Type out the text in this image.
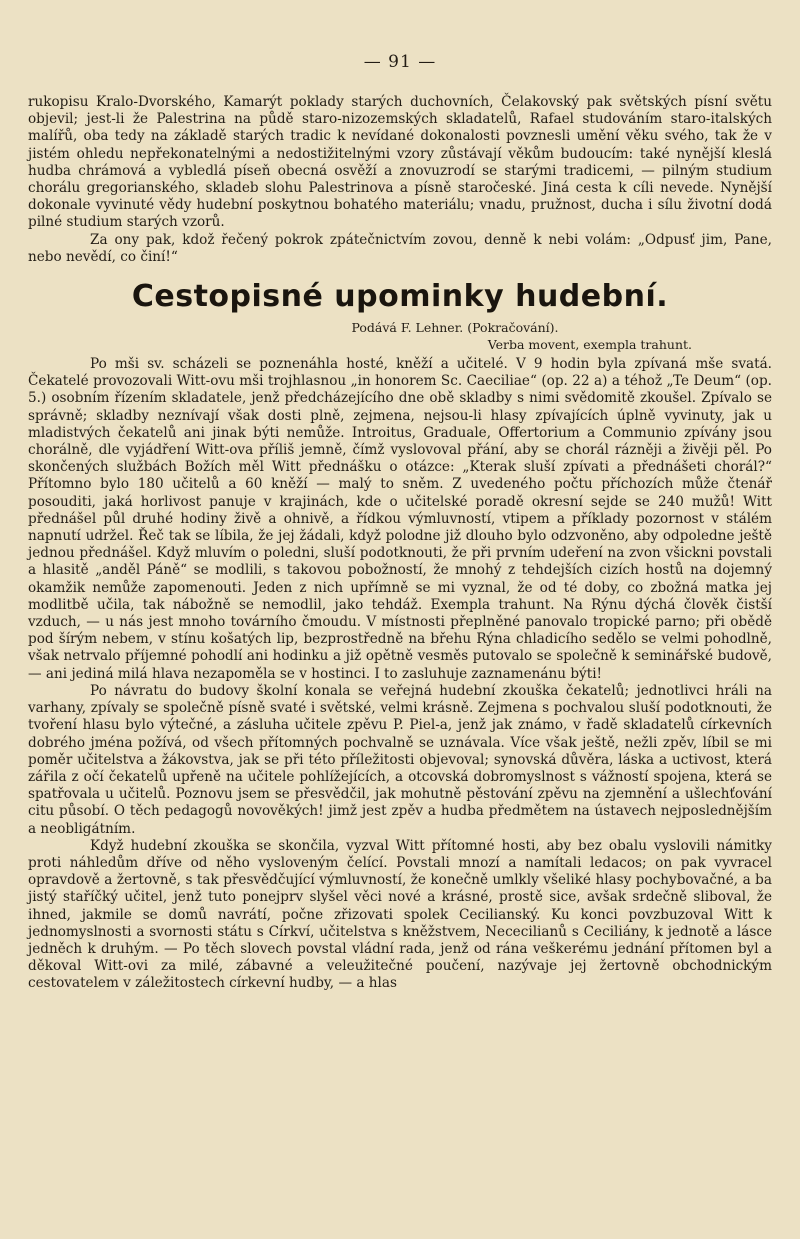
— 91 —

rukopisu Kralo-Dvorského, Kamarýt poklady starých duchovních, Čelakovský pak světských písní světu objevil; jest-li že Palestrina na půdě staro-nizozemských skladatelů, Rafael studováním staro-italských malířů, oba tedy na základě starých tradic k nevídané dokonalosti povznesli umění věku svého, tak že v jistém ohledu nepřekonatelnými a nedostižitelnými vzory zůstávají věkům budoucím: také nynější kleslá hudba chrámová a vybledlá píseň obecná osvěží a znovuzrodí se starými tradicemi, — pilným studium chorálu gregorianského, skladeb slohu Palestrinova a písně staročeské. Jiná cesta k cíli nevede. Nynější dokonale vyvinuté vědy hudební poskytnou bohatého materiálu; vnadu, pružnost, ducha i sílu životní dodá pilné studium starých vzorů.

Za ony pak, kdož řečený pokrok zpátečnictvím zovou, denně k nebi volám: „Odpusť jim, Pane, nebo nevědí, co činí!“

Cestopisné upominky hudební.
Podává F. Lehner. (Pokračování).
Verba movent, exempla trahunt.

Po mši sv. scházeli se poznenáhla hosté, kněží a učitelé. V 9 hodin byla zpívaná mše svatá. Čekatelé provozovali Witt-ovu mši trojhlasnou „in honorem Sc. Caeciliae“ (op. 22 a) a téhož „Te Deum“ (op. 5.) osobním řízením skladatele, jenž předcházejícího dne obě skladby s nimi svědomitě zkoušel. Zpívalo se správně; skladby neznívají však dosti plně, zejmena, nejsou-li hlasy zpívajících úplně vyvinuty, jak u mladistvých čekatelů ani jinak býti nemůže. Introitus, Graduale, Offertorium a Communio zpívány jsou chorálně, dle vyjádření Witt-ova příliš jemně, čímž vyslovoval přání, aby se chorál rázněji a živěji pěl. Po skončených službách Božích měl Witt přednášku o otázce: „Kterak sluší zpívati a přednášeti chorál?“ Přítomno bylo 180 učitelů a 60 kněží — malý to sněm. Z uvedeného počtu příchozích může čtenář posouditi, jaká horlivost panuje v krajinách, kde o učitelské poradě okresní sejde se 240 mužů! Witt přednášel půl druhé hodiny živě a ohnivě, a řídkou výmluvností, vtipem a příklady pozornost v stálém napnutí udržel. Řeč tak se líbila, že jej žádali, když polodne již dlouho bylo odzvoněno, aby odpoledne ještě jednou přednášel. Když mluvím o poledni, sluší podotknouti, že při prvním udeření na zvon všickni povstali a hlasitě „anděl Páně“ se modlili, s takovou pobožností, že mnohý z tehdejších cizích hostů na dojemný okamžik nemůže zapomenouti. Jeden z nich upřímně se mi vyznal, že od té doby, co zbožná matka jej modlitbě učila, tak nábožně se nemodlil, jako tehdáž. Exempla trahunt. Na Rýnu dýchá člověk čistší vzduch, — u nás jest mnoho továrního čmoudu. V místnosti přeplněné panovalo tropické parno; při obědě pod šírým nebem, v stínu košatých lip, bezprostředně na břehu Rýna chladicího sedělo se velmi pohodlně, však netrvalo příjemné pohodlí ani hodinku a již opětně vesměs putovalo se společně k seminářské budově, — ani jediná milá hlava nezapoměla se v hostinci. I to zasluhuje zaznamenánu býti!

Po návratu do budovy školní konala se veřejná hudební zkouška čekatelů; jednotlivci hráli na varhany, zpívaly se společně písně svaté i světské, velmi krásně. Zejmena s pochvalou sluší podotknouti, že tvoření hlasu bylo výtečné, a zásluha učitele zpěvu P. Piel-a, jenž jak známo, v řadě skladatelů církevních dobrého jména požívá, od všech přítomných pochvalně se uznávala. Více však ještě, nežli zpěv, líbil se mi poměr učitelstva a žákovstva, jak se při této příležitosti objevoval; synovská důvěra, láska a uctivost, která zářila z očí čekatelů upřeně na učitele pohlížejících, a otcovská dobromyslnost s vážností spojena, která se spatřovala u učitelů. Poznovu jsem se přesvědčil, jak mohutně pěstování zpěvu na zjemnění a ušlechťování citu působí. O těch pedagogů novověkých! jimž jest zpěv a hudba předmětem na ústavech nejposlednějším a neobligátním.

Když hudební zkouška se skončila, vyzval Witt přítomné hosti, aby bez obalu vyslovili námitky proti náhledům dříve od něho vysloveným čelící. Povstali mnozí a namítali ledacos; on pak vyvracel opravdově a žertovně, s tak přesvědčující výmluvností, že konečně umlkly všeliké hlasy pochybovačné, a ba jistý staříčký učitel, jenž tuto ponejprv slyšel věci nové a krásné, prostě sice, avšak srdečně sliboval, že ihned, jakmile se domů navrátí, počne zřizovati spolek Cecilianský. Ku konci povzbuzoval Witt k jednomyslnosti a svornosti státu s Církví, učitelstva s kněžstvem, Nececilianů s Ceciliány, k jednotě a lásce jedněch k druhým. — Po těch slovech povstal vládní rada, jenž od rána veškerému jednání přítomen byl a děkoval Witt-ovi za milé, zábavné a veleužitečné poučení, nazývaje jej žertovně obchodnickým cestovatelem v záležitostech církevní hudby, — a hlas
